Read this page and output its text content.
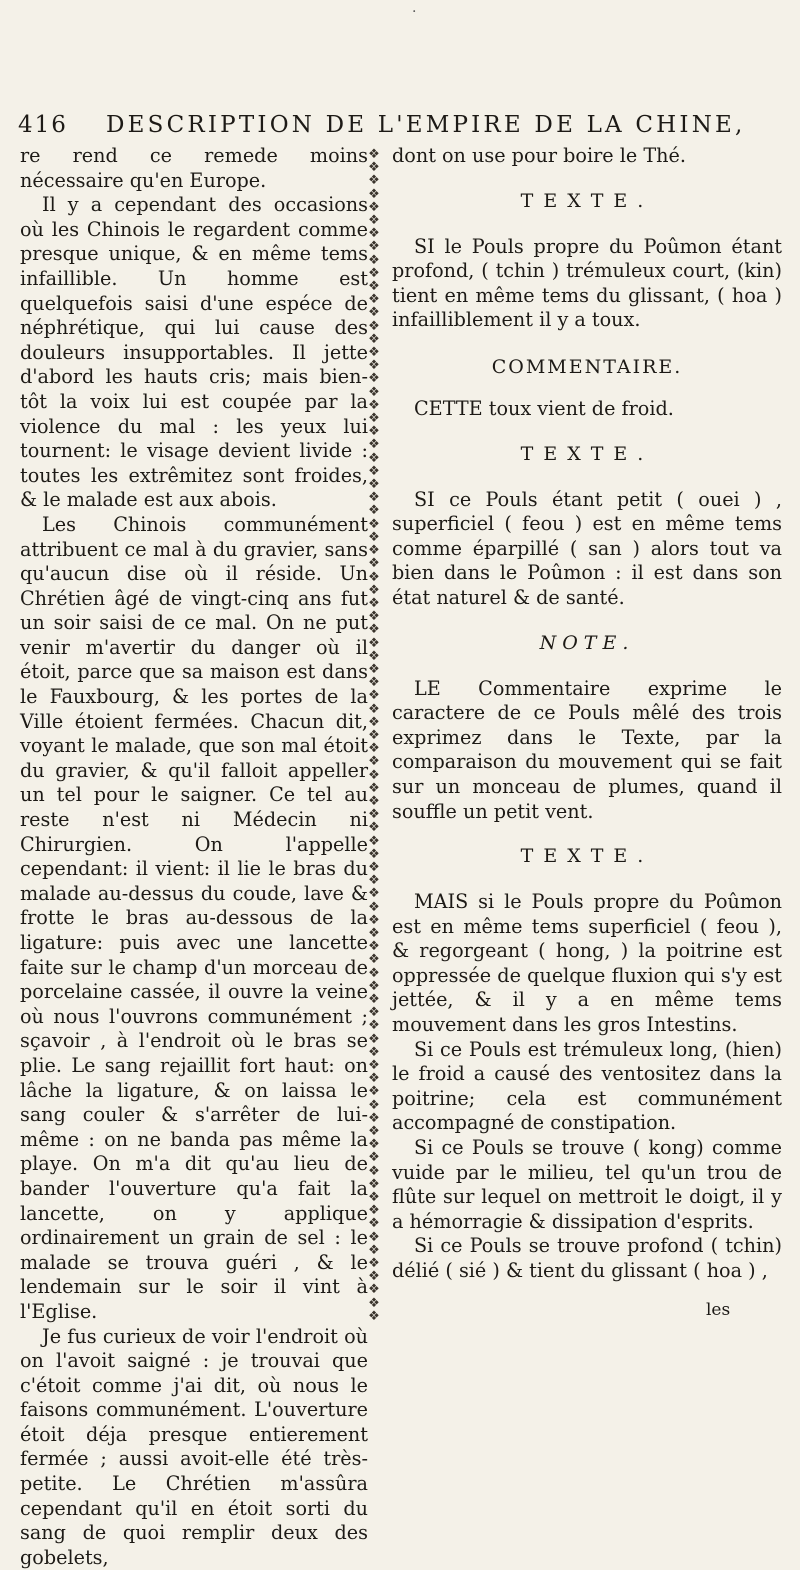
·
416 DESCRIPTION DE L'EMPIRE DE LA CHINE,

re rend ce remede moins nécessaire qu'en Europe.

Il y a cependant des occasions où les Chinois le regardent comme presque unique, & en même tems infaillible. Un homme est quelquefois saisi d'une espéce de néphrétique, qui lui cause des douleurs insupportables. Il jette d'abord les hauts cris; mais bien-tôt la voix lui est coupée par la violence du mal : les yeux lui tournent: le visage devient livide : toutes les extrêmitez sont froides, & le malade est aux abois.

Les Chinois communément attribuent ce mal à du gravier, sans qu'aucun dise où il réside. Un Chrétien âgé de vingt-cinq ans fut un soir saisi de ce mal. On ne put venir m'avertir du danger où il étoit, parce que sa maison est dans le Fauxbourg, & les portes de la Ville étoient fermées. Chacun dit, voyant le malade, que son mal étoit du gravier, & qu'il falloit appeller un tel pour le saigner. Ce tel au reste n'est ni Médecin ni Chirurgien. On l'appelle cependant: il vient: il lie le bras du malade au-dessus du coude, lave & frotte le bras au-dessous de la ligature: puis avec une lancette faite sur le champ d'un morceau de porcelaine cassée, il ouvre la veine où nous l'ouvrons communément ; sçavoir , à l'endroit où le bras se plie. Le sang rejaillit fort haut: on lâche la ligature, & on laissa le sang couler & s'arrêter de lui-même : on ne banda pas même la playe. On m'a dit qu'au lieu de bander l'ouverture qu'a fait la lancette, on y applique ordinairement un grain de sel : le malade se trouva guéri , & le lendemain sur le soir il vint à l'Eglise.

Je fus curieux de voir l'endroit où on l'avoit saigné : je trouvai que c'étoit comme j'ai dit, où nous le faisons communément. L'ouverture étoit déja presque entierement fermée ; aussi avoit-elle été très-petite. Le Chrétien m'assûra cependant qu'il en étoit sorti du sang de quoi remplir deux des gobelets,

❖
❖
❖
❖
❖
❖
❖
❖
❖
❖
❖
❖
❖
❖
❖
❖
❖
❖
❖
❖
❖
❖
❖
❖
❖
❖
❖
❖
❖
❖
❖
❖
❖
❖
❖
❖
❖
❖
❖
❖
❖
❖
❖
❖
❖
❖
❖
❖
❖
❖
❖
❖
❖
❖
❖
❖
❖
❖
❖
❖
❖
❖
❖
❖
❖
❖
❖
❖
❖
❖
❖
❖
❖
❖
❖
❖
❖
❖
❖
❖
❖
❖
❖
❖
❖
❖
❖
❖
❖

dont on use pour boire le Thé.

TEXTE.

SI le Pouls propre du Poûmon étant profond, ( tchin ) trémuleux court, (kin) tient en même tems du glissant, ( hoa ) infailliblement il y a toux.

COMMENTAIRE.

CETTE toux vient de froid.

TEXTE.

SI ce Pouls étant petit ( ouei ) , superficiel ( feou ) est en même tems comme éparpillé ( san ) alors tout va bien dans le Poûmon : il est dans son état naturel & de santé.

NOTE.

LE Commentaire exprime le caractere de ce Pouls mêlé des trois exprimez dans le Texte, par la comparaison du mouvement qui se fait sur un monceau de plumes, quand il souffle un petit vent.

TEXTE.

MAIS si le Pouls propre du Poûmon est en même tems superficiel ( feou ), & regorgeant ( hong, ) la poitrine est oppressée de quelque fluxion qui s'y est jettée, & il y a en même tems mouvement dans les gros Intestins.

Si ce Pouls est trémuleux long, (hien) le froid a causé des ventositez dans la poitrine; cela est communément accompagné de constipation.

Si ce Pouls se trouve ( kong) comme vuide par le milieu, tel qu'un trou de flûte sur lequel on mettroit le doigt, il y a hémorragie & dissipation d'esprits.

Si ce Pouls se trouve profond ( tchin) délié ( sié ) & tient du glissant ( hoa ) ,

les
